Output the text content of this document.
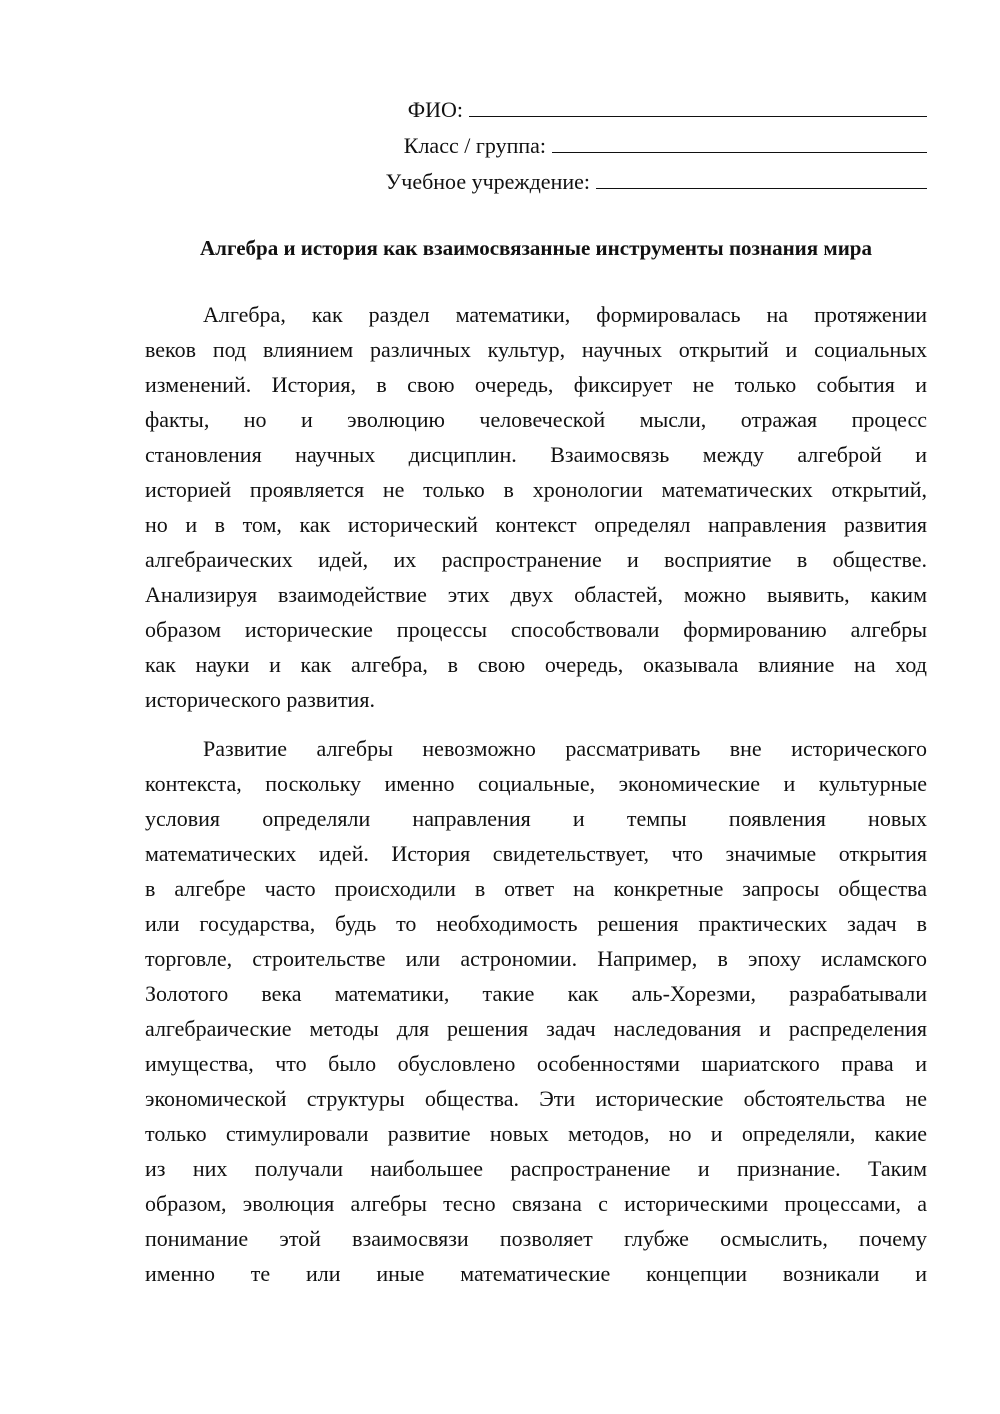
ФИО:
Класс / группа:
Учебное учреждение:
Алгебра и история как взаимосвязанные инструменты познания мира
Алгебра, как раздел математики, формировалась на протяжении
веков под влиянием различных культур, научных открытий и социальных
изменений. История, в свою очередь, фиксирует не только события и
факты, но и эволюцию человеческой мысли, отражая процесс
становления научных дисциплин. Взаимосвязь между алгеброй и
историей проявляется не только в хронологии математических открытий,
но и в том, как исторический контекст определял направления развития
алгебраических идей, их распространение и восприятие в обществе.
Анализируя взаимодействие этих двух областей, можно выявить, каким
образом исторические процессы способствовали формированию алгебры
как науки и как алгебра, в свою очередь, оказывала влияние на ход
исторического развития.
Развитие алгебры невозможно рассматривать вне исторического
контекста, поскольку именно социальные, экономические и культурные
условия определяли направления и темпы появления новых
математических идей. История свидетельствует, что значимые открытия
в алгебре часто происходили в ответ на конкретные запросы общества
или государства, будь то необходимость решения практических задач в
торговле, строительстве или астрономии. Например, в эпоху исламского
Золотого века математики, такие как аль-Хорезми, разрабатывали
алгебраические методы для решения задач наследования и распределения
имущества, что было обусловлено особенностями шариатского права и
экономической структуры общества. Эти исторические обстоятельства не
только стимулировали развитие новых методов, но и определяли, какие
из них получали наибольшее распространение и признание. Таким
образом, эволюция алгебры тесно связана с историческими процессами, а
понимание этой взаимосвязи позволяет глубже осмыслить, почему
именно те или иные математические концепции возникали и
